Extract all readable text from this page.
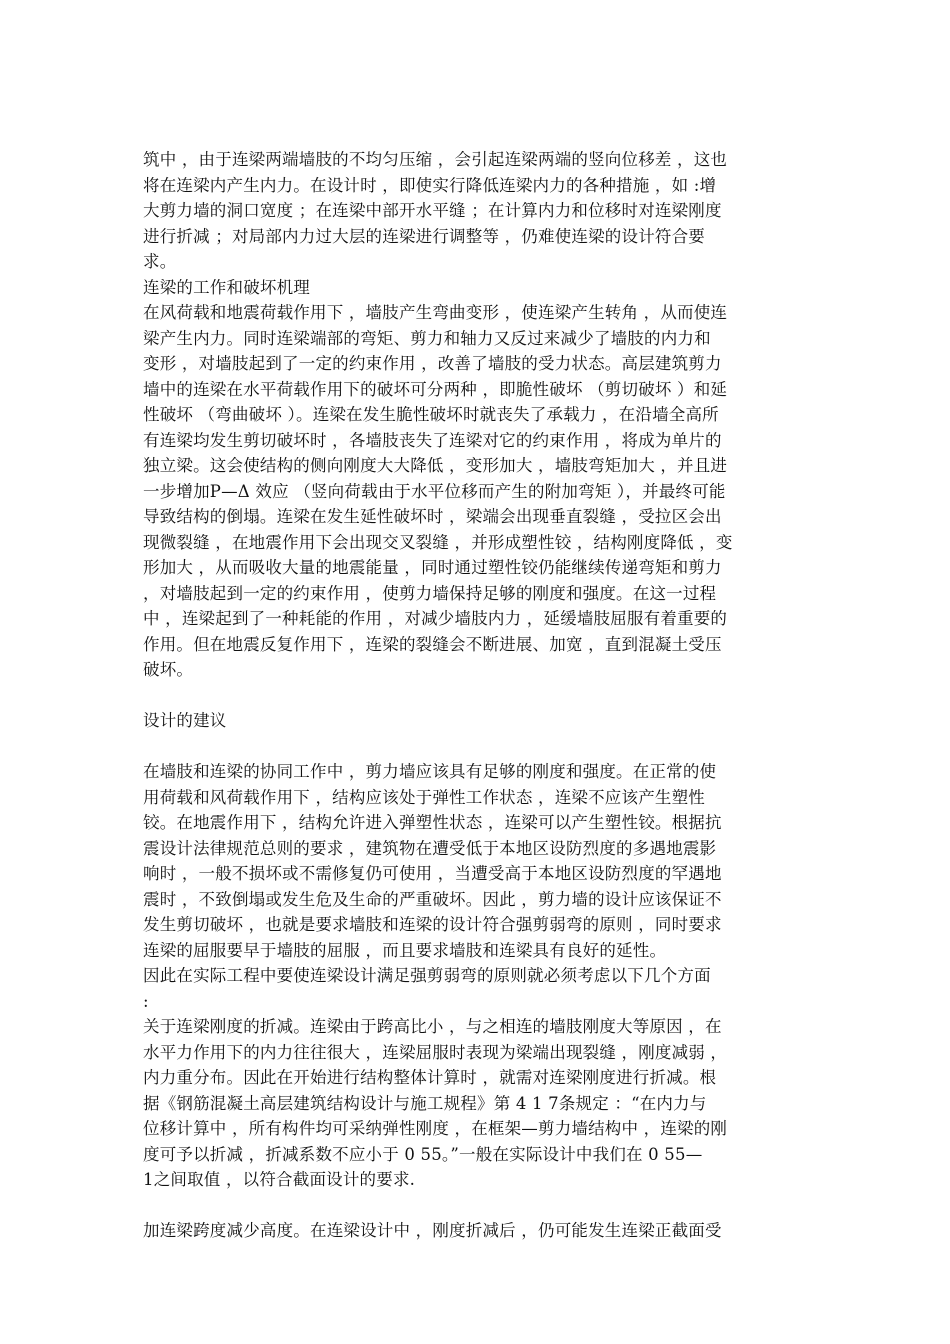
筑中 ，由于连梁两端墙肢的不均匀压缩 ，会引起连梁两端的竖向位移差 ，这也
将在连梁内产生内力。在设计时 ，即使实行降低连梁内力的各种措施 ，如 :增
大剪力墙的洞口宽度 ；在连梁中部开水平缝 ；在计算内力和位移时对连梁刚度
进行折减 ；对局部内力过大层的连梁进行调整等 ，仍难使连梁的设计符合要
求。

连梁的工作和破坏机理

在风荷载和地震荷载作用下 ，墙肢产生弯曲变形 ，使连梁产生转角 ，从而使连
梁产生内力。同时连梁端部的弯矩、剪力和轴力又反过来减少了墙肢的内力和
变形 ，对墙肢起到了一定的约束作用 ，改善了墙肢的受力状态。高层建筑剪力
墙中的连梁在水平荷载作用下的破坏可分两种 ，即脆性破坏 （剪切破坏 ）和延
性破坏 （弯曲破坏 ）。连梁在发生脆性破坏时就丧失了承载力 ，在沿墙全高所
有连梁均发生剪切破坏时 ，各墙肢丧失了连梁对它的约束作用 ，将成为单片的
独立梁。这会使结构的侧向刚度大大降低 ，变形加大 ，墙肢弯矩加大 ，并且进
一步增加P—Δ 效应 （竖向荷载由于水平位移而产生的附加弯矩 ），并最终可能
导致结构的倒塌。连梁在发生延性破坏时 ，梁端会出现垂直裂缝 ，受拉区会出
现微裂缝 ，在地震作用下会出现交叉裂缝 ，并形成塑性铰 ，结构刚度降低 ，变
形加大 ，从而吸收大量的地震能量 ，同时通过塑性铰仍能继续传递弯矩和剪力
，对墙肢起到一定的约束作用 ，使剪力墙保持足够的刚度和强度。在这一过程
中 ，连梁起到了一种耗能的作用 ，对减少墙肢内力 ，延缓墙肢屈服有着重要的
作用。但在地震反复作用下 ，连梁的裂缝会不断进展、加宽 ，直到混凝土受压
破坏。

设计的建议

在墙肢和连梁的协同工作中 ，剪力墙应该具有足够的刚度和强度。在正常的使
用荷载和风荷载作用下 ，结构应该处于弹性工作状态 ，连梁不应该产生塑性
铰。在地震作用下 ，结构允许进入弹塑性状态 ，连梁可以产生塑性铰。根据抗
震设计法律规范总则的要求 ，建筑物在遭受低于本地区设防烈度的多遇地震影
响时 ，一般不损坏或不需修复仍可使用 ，当遭受高于本地区设防烈度的罕遇地
震时 ，不致倒塌或发生危及生命的严重破坏。因此 ，剪力墙的设计应该保证不
发生剪切破坏 ，也就是要求墙肢和连梁的设计符合强剪弱弯的原则 ，同时要求
连梁的屈服要早于墙肢的屈服 ，而且要求墙肢和连梁具有良好的延性。

因此在实际工程中要使连梁设计满足强剪弱弯的原则就必须考虑以下几个方面
:

关于连梁刚度的折减。连梁由于跨高比小 ，与之相连的墙肢刚度大等原因 ，在
水平力作用下的内力往往很大 ，连梁屈服时表现为梁端出现裂缝 ，刚度减弱 ，
内力重分布。因此在开始进行结构整体计算时 ，就需对连梁刚度进行折减。根
据《钢筋混凝土高层建筑结构设计与施工规程》第 4 1 7条规定 ：“在内力与
位移计算中 ，所有构件均可采纳弹性刚度 ，在框架—剪力墙结构中 ，连梁的刚
度可予以折减 ，折减系数不应小于 0 55。”一般在实际设计中我们在 0 55—
1之间取值 ，以符合截面设计的要求.

加连梁跨度减少高度。在连梁设计中 ，刚度折减后 ，仍可能发生连梁正截面受
